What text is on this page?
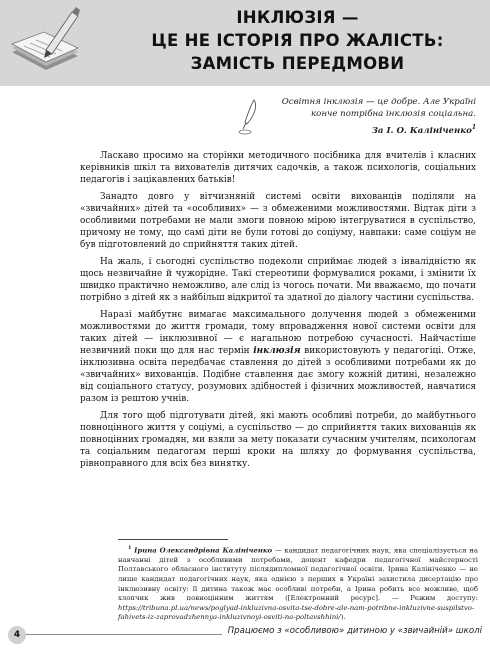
ІНКЛЮЗІЯ —
ЦЕ НЕ ІСТОРІЯ ПРО ЖАЛІСТЬ:
ЗАМІСТЬ ПЕРЕДМОВИ
Освітня інклюзія — це добре. Але Україні
конче потрібна інклюзія соціальна.
За І. О. Калініченко$^1$

Ласкаво просимо на сторінки методичного посібника для вчителів і класних керівників шкіл та вихователів дитячих садочків, а також психологів, соціальних педагогів і зацікавлених батьків!

Занадто довго у вітчизняній системі освіти вихованців поділяли на «звичайних» дітей та «особливих» — з обмеженими можливостями. Відтак діти з особливими потребами не мали змоги повною мірою інтегруватися в суспільство, причому не тому, що самі діти не були готові до соціуму, навпаки: саме соціум не був підготовлений до сприйняття таких дітей.

На жаль, і сьогодні суспільство подеколи сприймає людей з інвалідністю як щось незвичайне й чужорідне. Такі стереотипи формувалися роками, і змінити їх швидко практично неможливо, але слід із чогось почати. Ми вважаємо, що почати потрібно з дітей як з найбільш відкритої та здатної до діалогу частини суспільства.

Наразі майбутнє вимагає максимального долучення людей з обмеженими можливостями до життя громади, тому впровадження нової системи освіти для таких дітей — інклюзивної — є нагальною потребою сучасності. Найчастіше незвичний поки що для нас термін інклюзія використовують у педагогіці. Отже, інклюзивна освіта передбачає ставлення до дітей з особливими потребами як до «звичайних» вихованців. Подібне ставлення дає змогу кожній дитині, незалежно від соціального статусу, розумових здібностей і фізичних можливостей, навчатися разом із рештою учнів.

Для того щоб підготувати дітей, які мають особливі потреби, до майбутнього повноцінного життя у соціумі, а суспільство — до сприйняття таких вихованців як повноцінних громадян, ми взяли за мету показати сучасним учителям, психологам та соціальним педагогам перші кроки на шляху до формування суспільства, рівноправного для всіх без винятку.

$^1$ Ірина Олександрівна Калініченко — кандидат педагогічних наук, яка спеціалізується на навчанні дітей з особливими потребами, доцент кафедри педагогічної майстерності Полтавського обласного інституту післядипломної педагогічної освіти. Ірина Калініченко — не лише кандидат педагогічних наук, яка однією з перших в Україні захистила дисертацію про інклюзивну освіту: її дитина також має особливі потреби, а Ірина робить все можливе, щоб хлопчик жив повноцінним життям ([Електронний ресурс]. — Режим доступу: https://tribuna.pl.ua/news/poglyad-inkluzivna-osvita-tse-dobre-ale-nam-potribne-inkluzivne-suspilstvo-fahivets-iz-zaprovadzhennya-inkluzivnoyi-osviti-na-poltavshhini/).
4	Працюємо з «особливою» дитиною у «звичайній» школі
